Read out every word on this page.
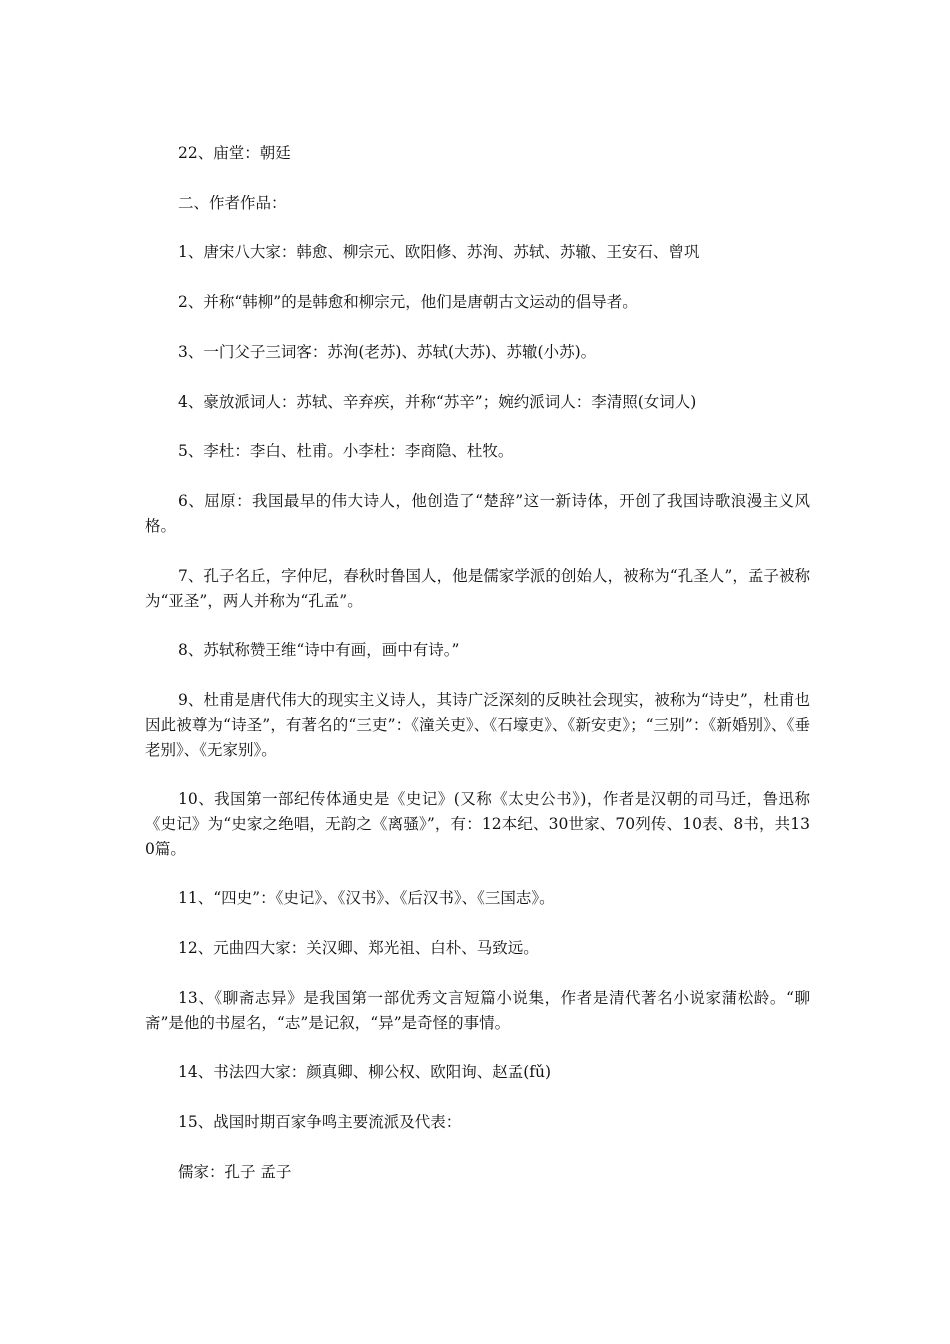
22、庙堂：朝廷

二、作者作品：

1、唐宋八大家：韩愈、柳宗元、欧阳修、苏洵、苏轼、苏辙、王安石、曾巩

2、并称“韩柳”的是韩愈和柳宗元，他们是唐朝古文运动的倡导者。

3、一门父子三词客：苏洵(老苏)、苏轼(大苏)、苏辙(小苏)。

4、豪放派词人：苏轼、辛弃疾，并称“苏辛”；婉约派词人：李清照(女词人)

5、李杜：李白、杜甫。小李杜：李商隐、杜牧。

6、屈原：我国最早的伟大诗人，他创造了“楚辞”这一新诗体，开创了我国诗歌浪漫主义风格。

7、孔子名丘，字仲尼，春秋时鲁国人，他是儒家学派的创始人，被称为“孔圣人”，孟子被称为“亚圣”，两人并称为“孔孟”。

8、苏轼称赞王维“诗中有画，画中有诗。”

9、杜甫是唐代伟大的现实主义诗人，其诗广泛深刻的反映社会现实，被称为“诗史”，杜甫也因此被尊为“诗圣”，有著名的“三吏”：《潼关吏》、《石壕吏》、《新安吏》；“三别”：《新婚别》、《垂老别》、《无家别》。

10、我国第一部纪传体通史是《史记》(又称《太史公书》)，作者是汉朝的司马迁，鲁迅称《史记》为“史家之绝唱，无韵之《离骚》”，有：12本纪、30世家、70列传、10表、8书，共130篇。

11、“四史”：《史记》、《汉书》、《后汉书》、《三国志》。

12、元曲四大家：关汉卿、郑光祖、白朴、马致远。

13、《聊斋志异》是我国第一部优秀文言短篇小说集，作者是清代著名小说家蒲松龄。“聊斋”是他的书屋名，“志”是记叙，“异”是奇怪的事情。

14、书法四大家：颜真卿、柳公权、欧阳询、赵孟(fǔ)

15、战国时期百家争鸣主要流派及代表：

儒家：孔子 孟子
